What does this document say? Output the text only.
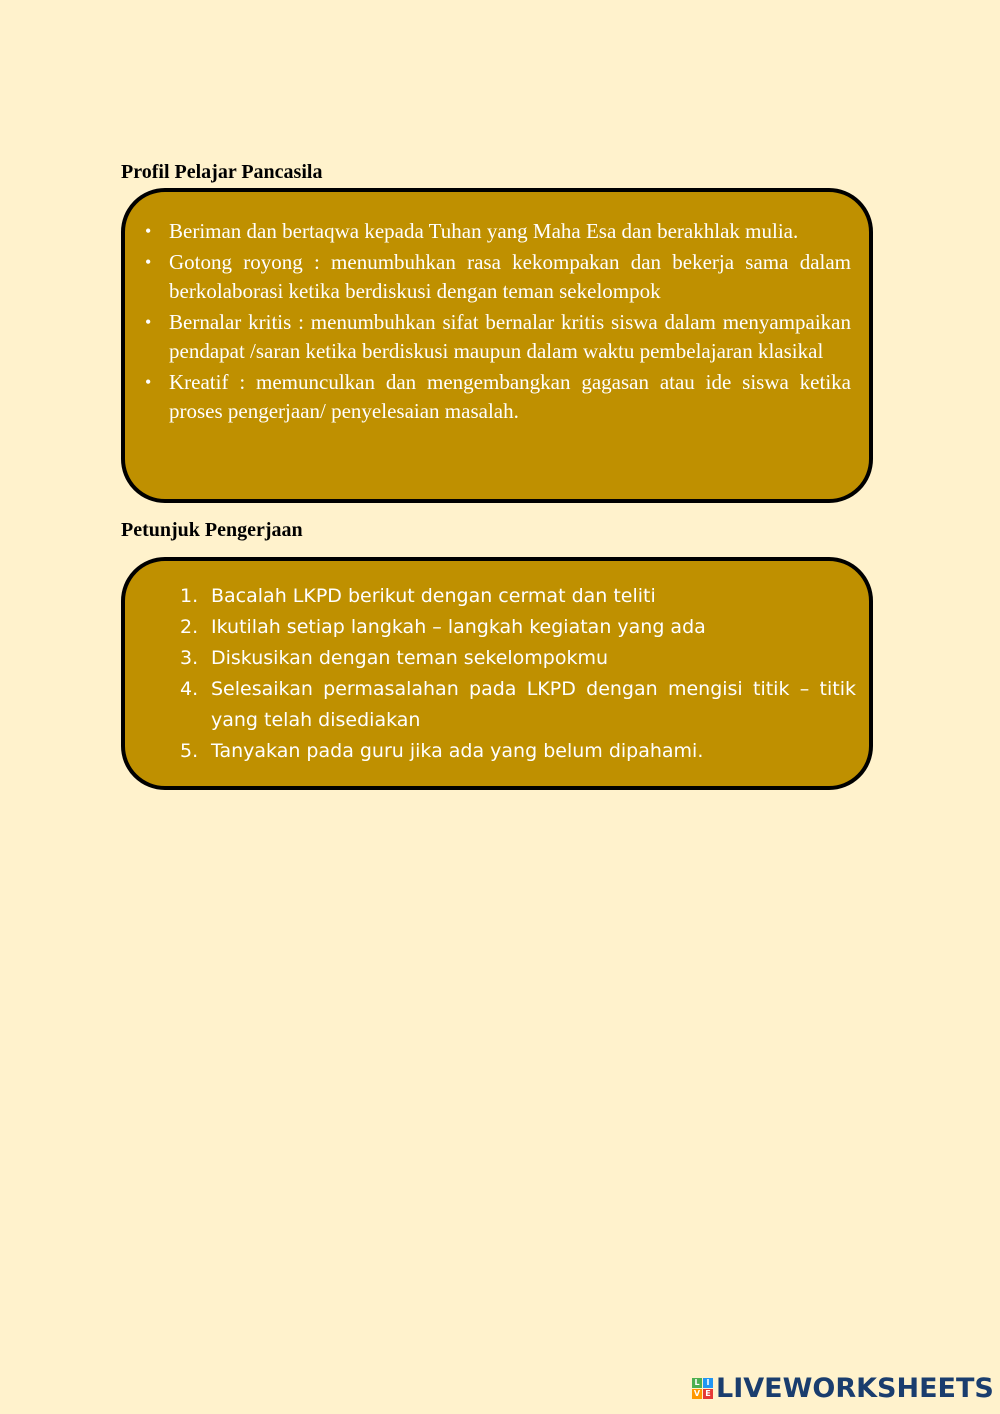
Profil Pelajar Pancasila
• Beriman dan bertaqwa kepada Tuhan yang Maha Esa dan berakhlak mulia.
• Gotong royong : menumbuhkan rasa kekompakan dan bekerja sama dalam berkolaborasi ketika berdiskusi dengan teman sekelompok
• Bernalar kritis : menumbuhkan sifat bernalar kritis siswa dalam menyampaikan pendapat /saran ketika berdiskusi maupun dalam waktu pembelajaran klasikal
• Kreatif : memunculkan dan mengembangkan gagasan atau ide siswa ketika proses pengerjaan/ penyelesaian masalah.
Petunjuk Pengerjaan
1. Bacalah LKPD berikut dengan cermat dan teliti
2. Ikutilah setiap langkah – langkah kegiatan yang ada
3. Diskusikan dengan teman sekelompokmu
4. Selesaikan permasalahan pada LKPD dengan mengisi titik – titik yang telah disediakan
5. Tanyakan pada guru jika ada yang belum dipahami.
L I
V E LIVEWORKSHEETS
